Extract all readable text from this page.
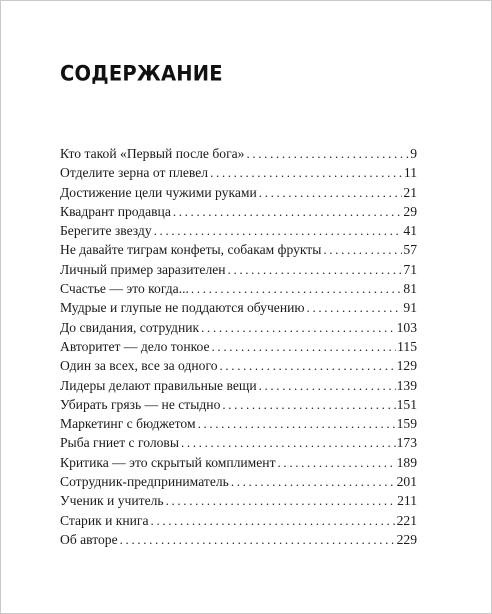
СОДЕРЖАНИЕ
Кто такой «Первый после бога» . . .	9
Отделите зерна от плевел . . .	11
Достижение цели чужими руками . . .	21
Квадрант продавца . . .	29
Берегите звезду . . .	41
Не давайте тиграм конфеты, собакам фрукты . . .	57
Личный пример заразителен . . .	71
Счастье — это когда... . . .	81
Мудрые и глупые не поддаются обучению . . .	91
До свидания, сотрудник . . .	103
Авторитет — дело тонкое . . .	115
Один за всех, все за одного . . .	129
Лидеры делают правильные вещи . . .	139
Убирать грязь — не стыдно . . .	151
Маркетинг с бюджетом . . .	159
Рыба гниет с головы . . .	173
Критика — это скрытый комплимент . . .	189
Сотрудник-предприниматель . . .	201
Ученик и учитель . . .	211
Старик и книга . . .	221
Об авторе . . .	229
